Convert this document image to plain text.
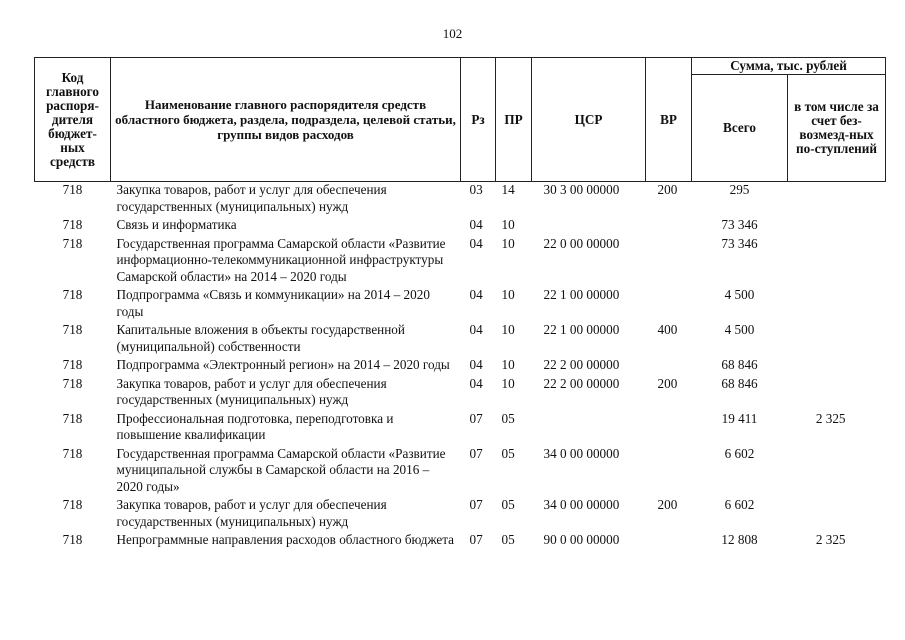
102
Код главного распоря-дителя бюджет-ных средств	Наименование главного распорядителя средств областного бюджета, раздела, подраздела, целевой статьи, группы видов расходов	Рз	ПР	ЦСР	ВР	Сумма, тыс. рублей	
						Всего	в том числе за счет без-возмезд-ных по-ступлений
718	Закупка товаров, работ и услуг для обеспечения государственных (муниципальных) нужд	03	14	30 3 00 00000	200	295	
718	Связь и информатика	04	10			73 346	
718	Государственная программа Самарской области «Развитие информационно-телекоммуникационной инфраструктуры Самарской области» на 2014 – 2020 годы	04	10	22 0 00 00000		73 346	
718	Подпрограмма «Связь и коммуникации» на 2014 – 2020 годы	04	10	22 1 00 00000		4 500	
718	Капитальные вложения в объекты государственной (муниципальной) собственности	04	10	22 1 00 00000	400	4 500	
718	Подпрограмма «Электронный регион» на 2014 – 2020 годы	04	10	22 2 00 00000		68 846	
718	Закупка товаров, работ и услуг для обеспечения государственных (муниципальных) нужд	04	10	22 2 00 00000	200	68 846	
718	Профессиональная подготовка, переподготовка и повышение квалификации	07	05			19 411	2 325
718	Государственная программа Самарской области «Развитие муниципальной службы в Самарской области на 2016 – 2020 годы»	07	05	34 0 00 00000		6 602	
718	Закупка товаров, работ и услуг для обеспечения государственных (муниципальных) нужд	07	05	34 0 00 00000	200	6 602	
718	Непрограммные направления расходов областного бюджета	07	05	90 0 00 00000		12 808	2 325
